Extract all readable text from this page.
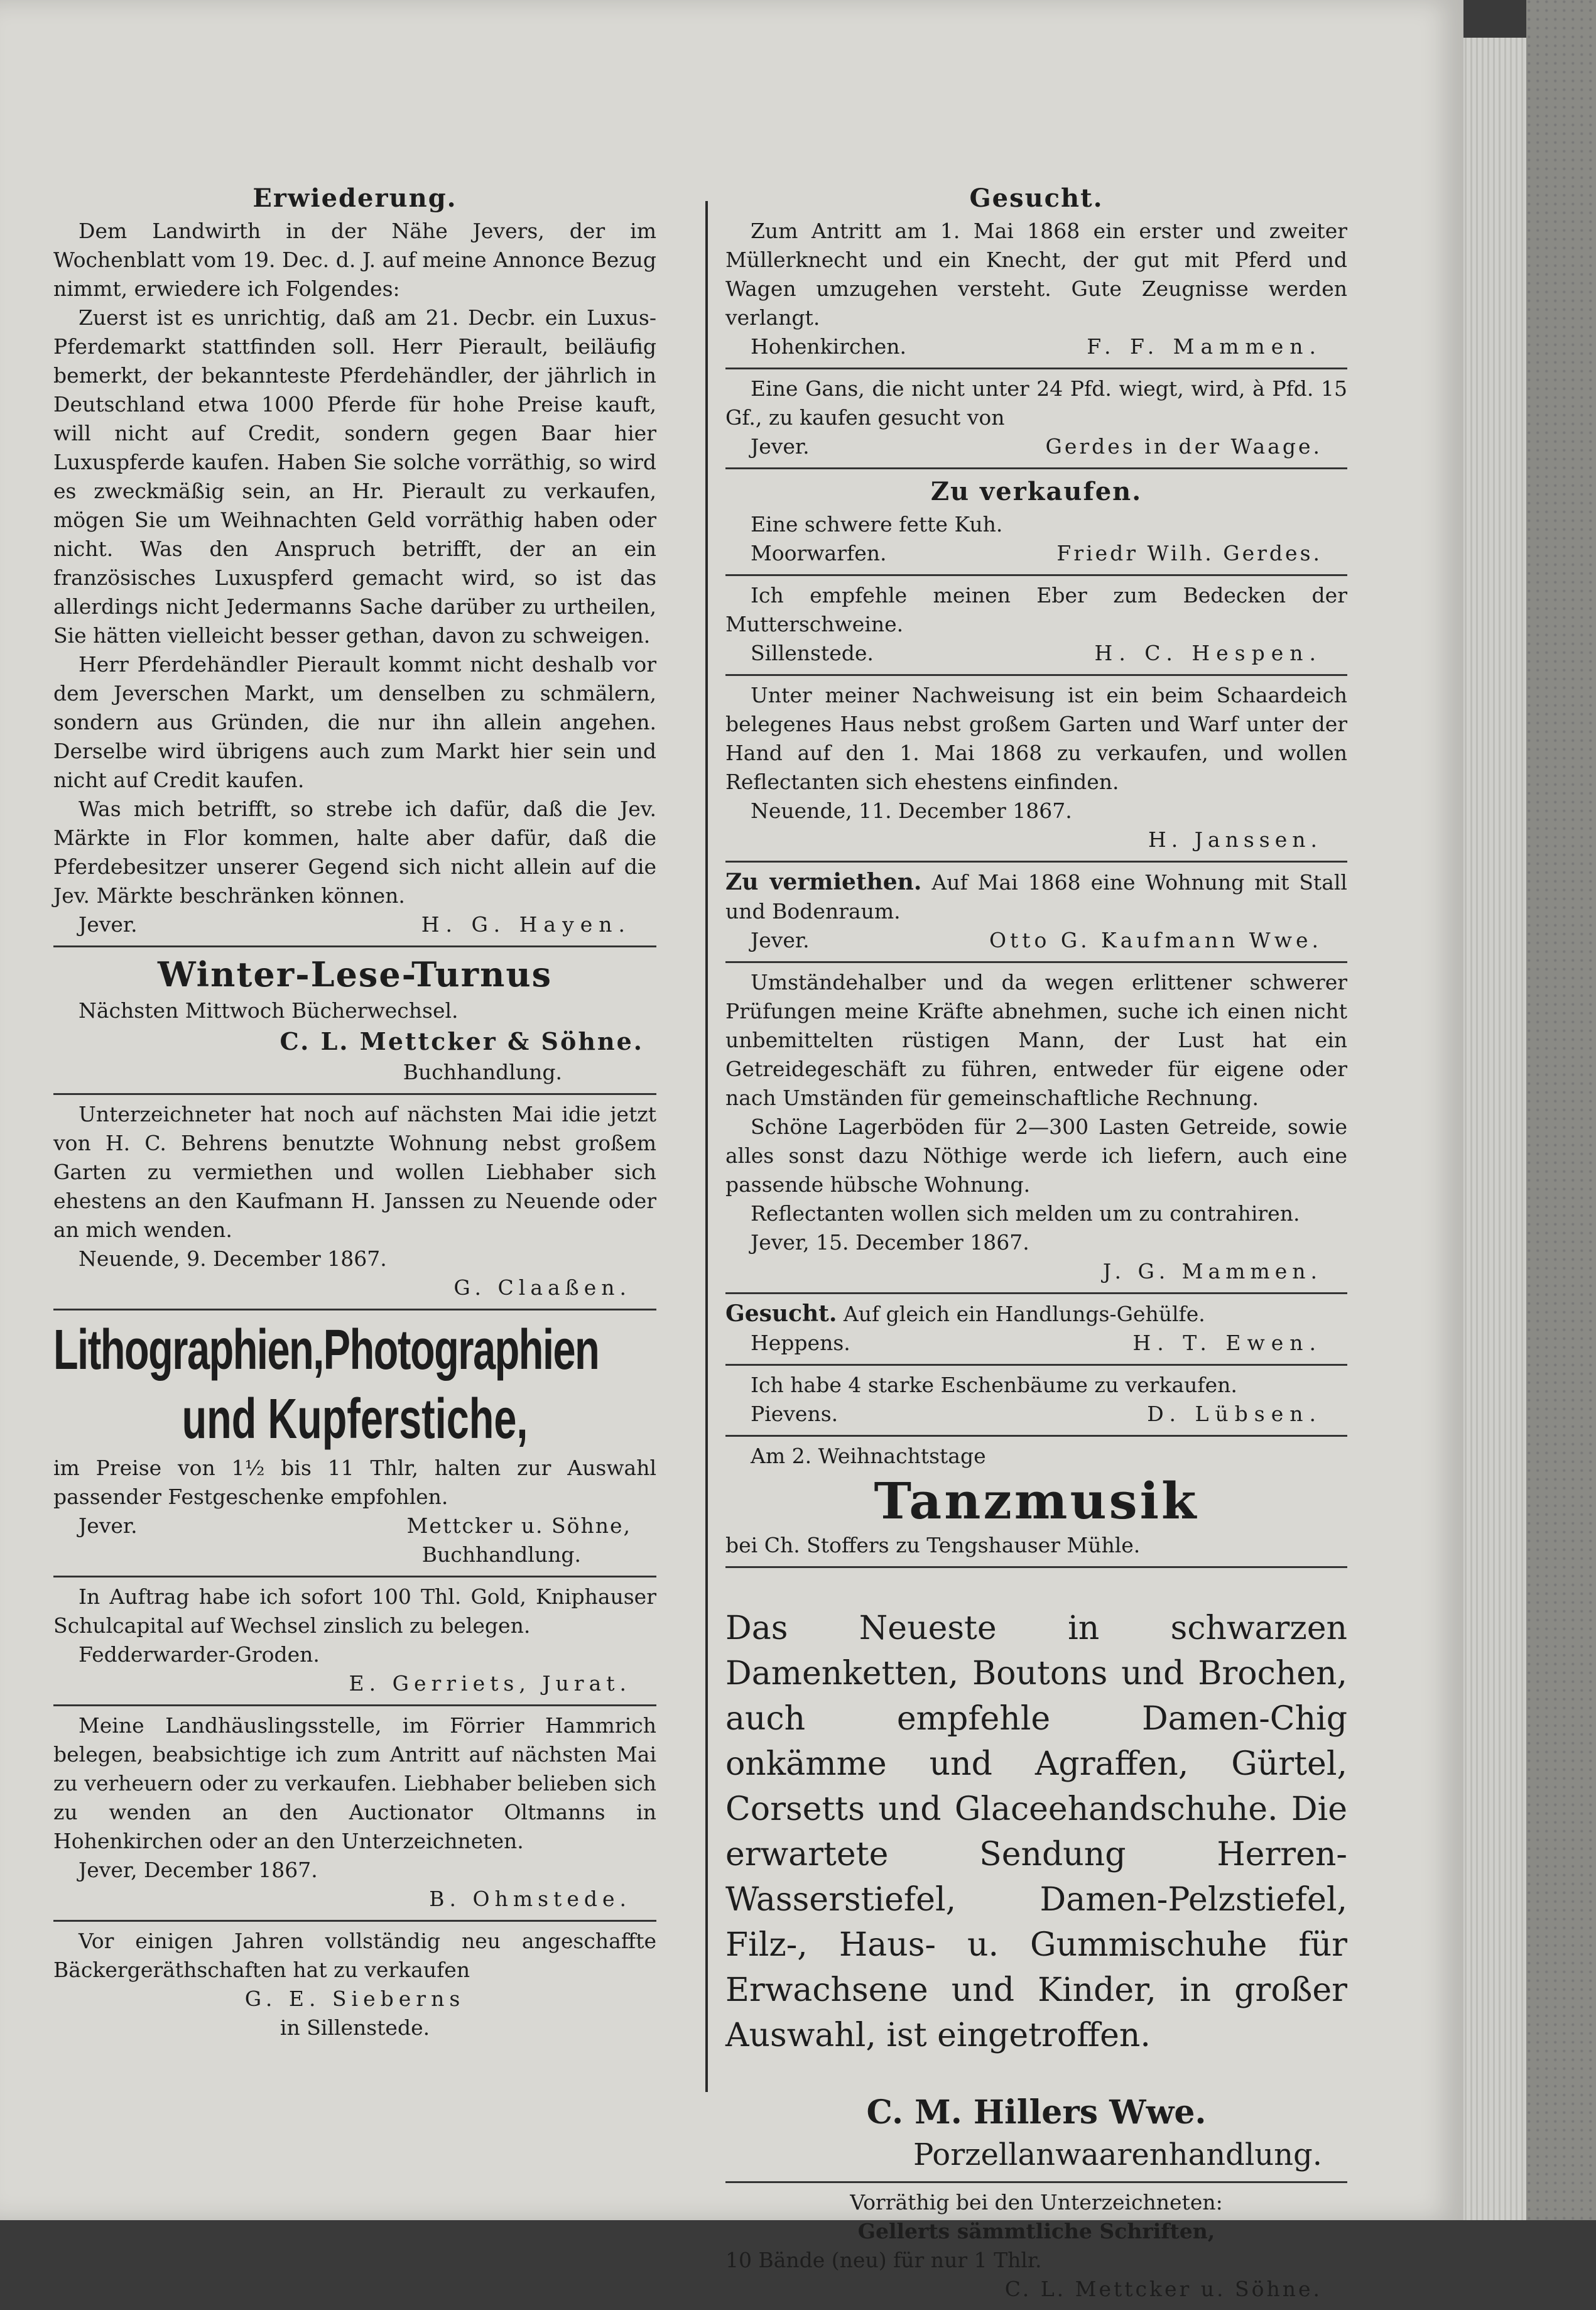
Erwiederung.

Dem Landwirth in der Nähe Jevers, der im Wochenblatt vom 19. Dec. d. J. auf meine Annonce Bezug nimmt, erwiedere ich Folgendes:

Zuerst ist es unrichtig, daß am 21. Decbr. ein Luxus-Pferdemarkt stattfinden soll. Herr Pierault, beiläufig bemerkt, der bekannteste Pferdehändler, der jährlich in Deutschland etwa 1000 Pferde für hohe Preise kauft, will nicht auf Credit, sondern gegen Baar hier Luxuspferde kaufen. Haben Sie solche vorräthig, so wird es zweckmäßig sein, an Hr. Pierault zu verkaufen, mögen Sie um Weihnachten Geld vorräthig haben oder nicht. Was den Anspruch betrifft, der an ein französisches Luxuspferd gemacht wird, so ist das allerdings nicht Jedermanns Sache darüber zu urtheilen, Sie hätten vielleicht besser gethan, davon zu schweigen.

Herr Pferdehändler Pierault kommt nicht deshalb vor dem Jeverschen Markt, um denselben zu schmälern, sondern aus Gründen, die nur ihn allein angehen. Derselbe wird übrigens auch zum Markt hier sein und nicht auf Credit kaufen.

Was mich betrifft, so strebe ich dafür, daß die Jev. Märkte in Flor kommen, halte aber dafür, daß die Pferdebesitzer unserer Gegend sich nicht allein auf die Jev. Märkte beschränken können.

Jever.	H. G. Hayen.
Winter-Lese-Turnus
Nächsten Mittwoch Bücherwechsel.
C. L. Mettcker & Söhne.
Buchhandlung.

Unterzeichneter hat noch auf nächsten Mai idie jetzt von H. C. Behrens benutzte Wohnung nebst großem Garten zu vermiethen und wollen Liebhaber sich ehestens an den Kaufmann H. Janssen zu Neuende oder an mich wenden.

Neuende, 9. December 1867.
G. Claaßen.
Lithographien,Photographien
und Kupferstiche,

im Preise von 1½ bis 11 Thlr, halten zur Auswahl passender Festgeschenke empfohlen.

Jever.	Mettcker u. Söhne,
Buchhandlung.

In Auftrag habe ich sofort 100 Thl. Gold, Kniphauser Schulcapital auf Wechsel zinslich zu belegen.

Fedderwarder-Groden.
E. Gerriets, Jurat.

Meine Landhäuslingsstelle, im Förrier Hammrich belegen, beabsichtige ich zum Antritt auf nächsten Mai zu verheuern oder zu verkaufen. Liebhaber belieben sich zu wenden an den Auctionator Oltmanns in Hohenkirchen oder an den Unterzeichneten.

Jever, December 1867.
B. Ohmstede.

Vor einigen Jahren vollständig neu angeschaffte Bäckergeräthschaften hat zu verkaufen

G. E. Sieberns
in Sillenstede.
Gesucht.

Zum Antritt am 1. Mai 1868 ein erster und zweiter Müllerknecht und ein Knecht, der gut mit Pferd und Wagen umzugehen versteht. Gute Zeugnisse werden verlangt.

Hohenkirchen.	F. F. Mammen.

Eine Gans, die nicht unter 24 Pfd. wiegt, wird, à Pfd. 15 Gf., zu kaufen gesucht von

Jever.	Gerdes in der Waage.
Zu verkaufen.
Eine schwere fette Kuh.
Moorwarfen.	Friedr Wilh. Gerdes.

Ich empfehle meinen Eber zum Bedecken der Mutterschweine.

Sillenstede.	H. C. Hespen.

Unter meiner Nachweisung ist ein beim Schaardeich belegenes Haus nebst großem Garten und Warf unter der Hand auf den 1. Mai 1868 zu verkaufen, und wollen Reflectanten sich ehestens einfinden.

Neuende, 11. December 1867.
H. Janssen.

Zu vermiethen. Auf Mai 1868 eine Wohnung mit Stall und Bodenraum.

Jever.	Otto G. Kaufmann Wwe.

Umständehalber und da wegen erlittener schwerer Prüfungen meine Kräfte abnehmen, suche ich einen nicht unbemittelten rüstigen Mann, der Lust hat ein Getreidegeschäft zu führen, entweder für eigene oder nach Umständen für gemeinschaftliche Rechnung.

Schöne Lagerböden für 2—300 Lasten Getreide, sowie alles sonst dazu Nöthige werde ich liefern, auch eine passende hübsche Wohnung.

Reflectanten wollen sich melden um zu contrahiren.

Jever, 15. December 1867.
J. G. Mammen.

Gesucht. Auf gleich ein Handlungs-Gehülfe.

Heppens.	H. T. Ewen.

Ich habe 4 starke Eschenbäume zu verkaufen.

Pievens.	D. Lübsen.
Am 2. Weihnachtstage
Tanzmusik
bei Ch. Stoffers zu Tengshauser Mühle.

Das Neueste in schwarzen Damenketten, Boutons und Brochen, auch empfehle Damen-Chig onkämme und Agraffen, Gürtel, Corsetts und Glaceehandschuhe. Die erwartete Sendung Herren-Wasserstiefel, Damen-Pelzstiefel, Filz-, Haus- u. Gummischuhe für Erwachsene und Kinder, in großer Auswahl, ist eingetroffen.

C. M. Hillers Wwe.
Porzellanwaarenhandlung.
Vorräthig bei den Unterzeichneten:
Gellerts sämmtliche Schriften,
10 Bände (neu) für nur 1 Thlr.
C. L. Mettcker u. Söhne.
